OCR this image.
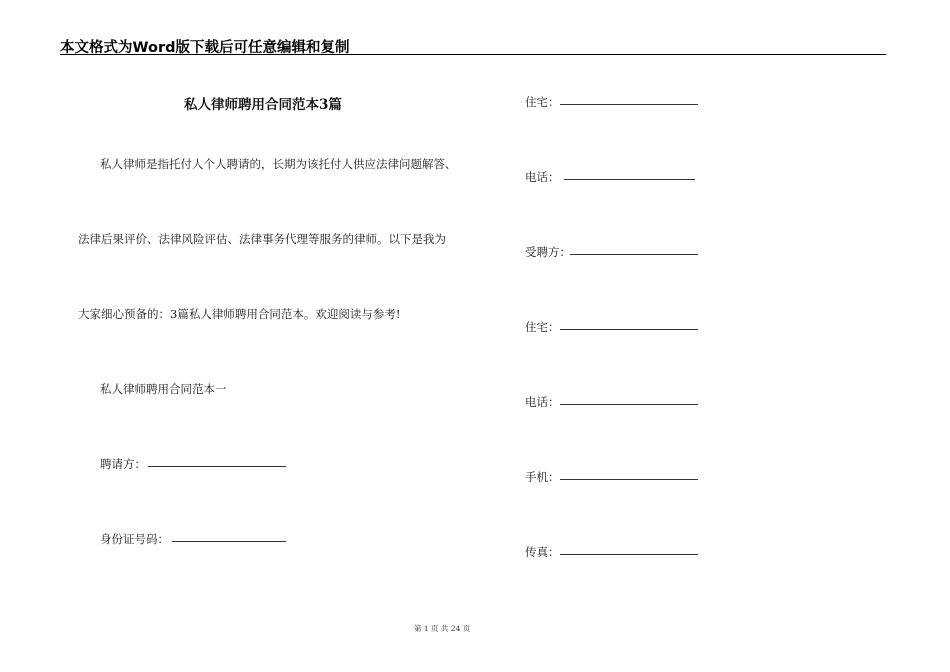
本文格式为Word版下载后可任意编辑和复制
私人律师聘用合同范本3篇
私人律师是指托付人个人聘请的，长期为该托付人供应法律问题解答、
法律后果评价、法律风险评估、法律事务代理等服务的律师。以下是我为
大家细心预备的：3篇私人律师聘用合同范本。欢迎阅读与参考!
私人律师聘用合同范本一
聘请方：
身份证号码：
住宅：
电话：
受聘方：
住宅：
电话：
手机：
传真：
第 1 页 共 24 页
